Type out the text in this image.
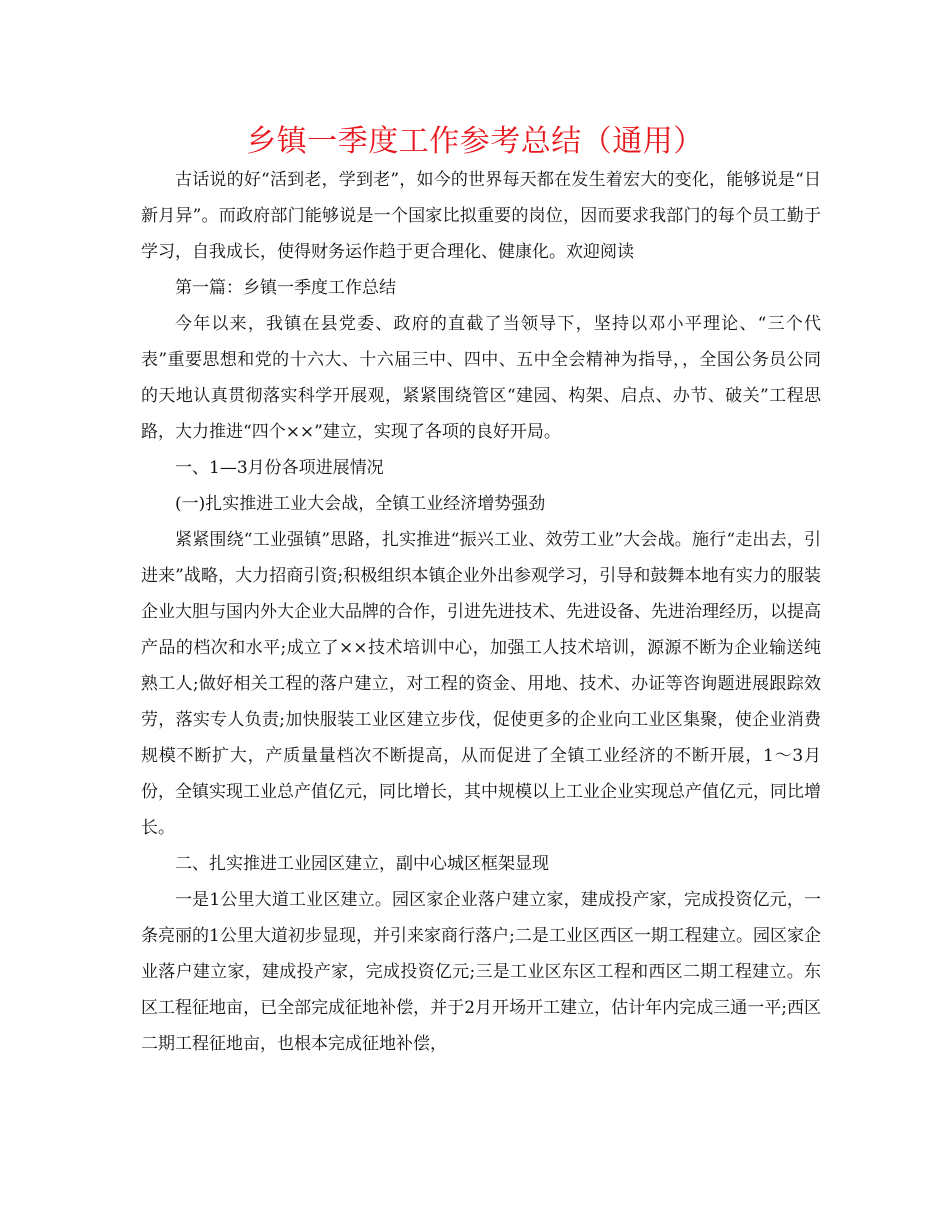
乡镇一季度工作参考总结（通用）

古话说的好“活到老，学到老”，如今的世界每天都在发生着宏大的变化，能够说是“日新月异”。而政府部门能够说是一个国家比拟重要的岗位，因而要求我部门的每个员工勤于学习，自我成长，使得财务运作趋于更合理化、健康化。欢迎阅读

第一篇：乡镇一季度工作总结

今年以来，我镇在县党委、政府的直截了当领导下，坚持以邓小平理论、“三个代表”重要思想和党的十六大、十六届三中、四中、五中全会精神为指导，，全国公务员公同的天地认真贯彻落实科学开展观，紧紧围绕管区“建园、构架、启点、办节、破关”工程思路，大力推进“四个××”建立，实现了各项的良好开局。

一、1—3月份各项进展情况

(一)扎实推进工业大会战，全镇工业经济增势强劲

紧紧围绕“工业强镇”思路，扎实推进“振兴工业、效劳工业”大会战。施行“走出去，引进来”战略，大力招商引资;积极组织本镇企业外出参观学习，引导和鼓舞本地有实力的服装企业大胆与国内外大企业大品牌的合作，引进先进技术、先进设备、先进治理经历，以提高产品的档次和水平;成立了××技术培训中心，加强工人技术培训，源源不断为企业输送纯熟工人;做好相关工程的落户建立，对工程的资金、用地、技术、办证等咨询题进展跟踪效劳，落实专人负责;加快服装工业区建立步伐，促使更多的企业向工业区集聚，使企业消费规模不断扩大，产质量量档次不断提高，从而促进了全镇工业经济的不断开展，1～3月份，全镇实现工业总产值亿元，同比增长，其中规模以上工业企业实现总产值亿元，同比增长。

二、扎实推进工业园区建立，副中心城区框架显现

一是1公里大道工业区建立。园区家企业落户建立家，建成投产家，完成投资亿元，一条亮丽的1公里大道初步显现，并引来家商行落户;二是工业区西区一期工程建立。园区家企业落户建立家，建成投产家，完成投资亿元;三是工业区东区工程和西区二期工程建立。东区工程征地亩，已全部完成征地补偿，并于2月开场开工建立，估计年内完成三通一平;西区二期工程征地亩，也根本完成征地补偿，
